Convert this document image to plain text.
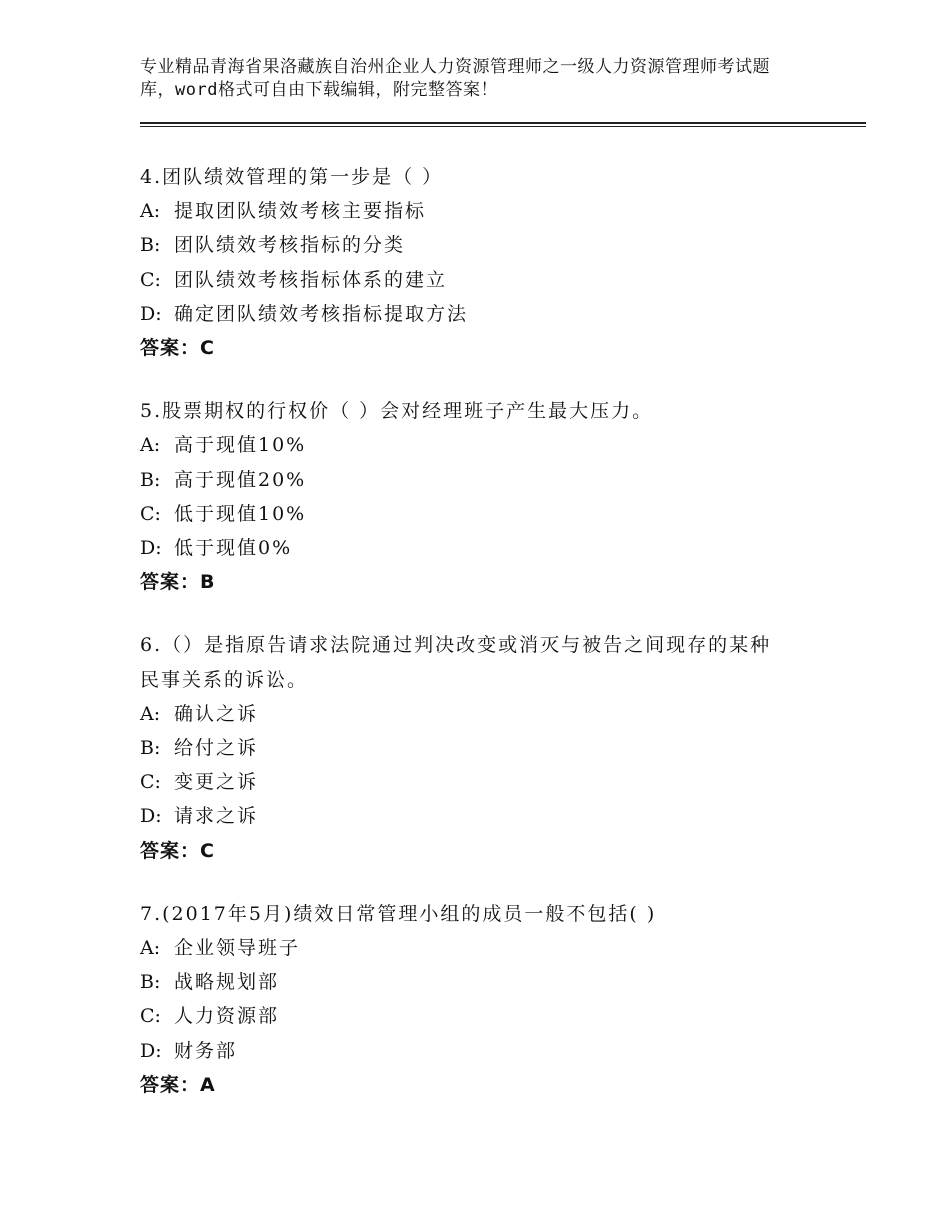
专业精品青海省果洛藏族自治州企业人力资源管理师之一级人力资源管理师考试题
库，word格式可自由下载编辑，附完整答案！
4.团队绩效管理的第一步是（ ）
A: 提取团队绩效考核主要指标
B: 团队绩效考核指标的分类
C: 团队绩效考核指标体系的建立
D: 确定团队绩效考核指标提取方法
答案：C
5.股票期权的行权价（ ）会对经理班子产生最大压力。
A: 高于现值10%
B: 高于现值20%
C: 低于现值10%
D: 低于现值0%
答案：B
6.（）是指原告请求法院通过判决改变或消灭与被告之间现存的某种
民事关系的诉讼。
A: 确认之诉
B: 给付之诉
C: 变更之诉
D: 请求之诉
答案：C
7.(2017年5月)绩效日常管理小组的成员一般不包括( )
A: 企业领导班子
B: 战略规划部
C: 人力资源部
D: 财务部
答案：A
